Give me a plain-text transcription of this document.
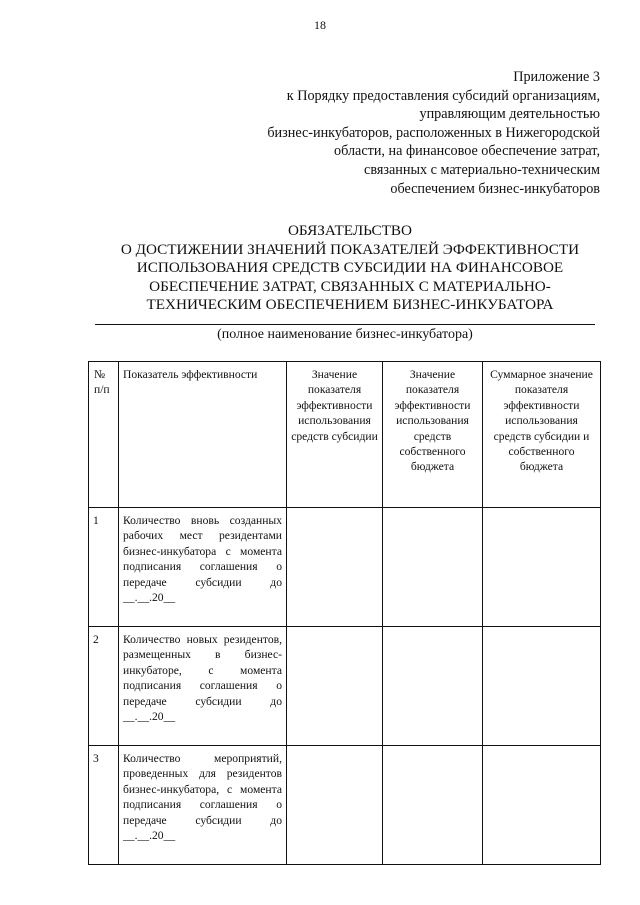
18
Приложение 3
к Порядку предоставления субсидий организациям,
управляющим деятельностью
бизнес-инкубаторов, расположенных в Нижегородской
области, на финансовое обеспечение затрат,
связанных с материально-техническим
обеспечением бизнес-инкубаторов
ОБЯЗАТЕЛЬСТВО
О ДОСТИЖЕНИИ ЗНАЧЕНИЙ ПОКАЗАТЕЛЕЙ ЭФФЕКТИВНОСТИ
ИСПОЛЬЗОВАНИЯ СРЕДСТВ СУБСИДИИ НА ФИНАНСОВОЕ
ОБЕСПЕЧЕНИЕ ЗАТРАТ, СВЯЗАННЫХ С МАТЕРИАЛЬНО-
ТЕХНИЧЕСКИМ ОБЕСПЕЧЕНИЕМ БИЗНЕС-ИНКУБАТОРА
(полное наименование бизнес-инкубатора)
№ п/п	Показатель эффективности	Значение показателя эффективности использования средств субсидии	Значение показателя эффективности использования средств собственного бюджета	Суммарное значение показателя эффективности использования средств субсидии и собственного бюджета
1	Количество вновь созданных рабочих мест резидентами бизнес-инкубатора с момента подписания соглашения о передаче субсидии до __.__.20__			
2	Количество новых резидентов, размещенных в бизнес-инкубаторе, с момента подписания соглашения о передаче субсидии до __.__.20__			
3	Количество мероприятий, проведенных для резидентов бизнес-инкубатора, с момента подписания соглашения о передаче субсидии до __.__.20__			
